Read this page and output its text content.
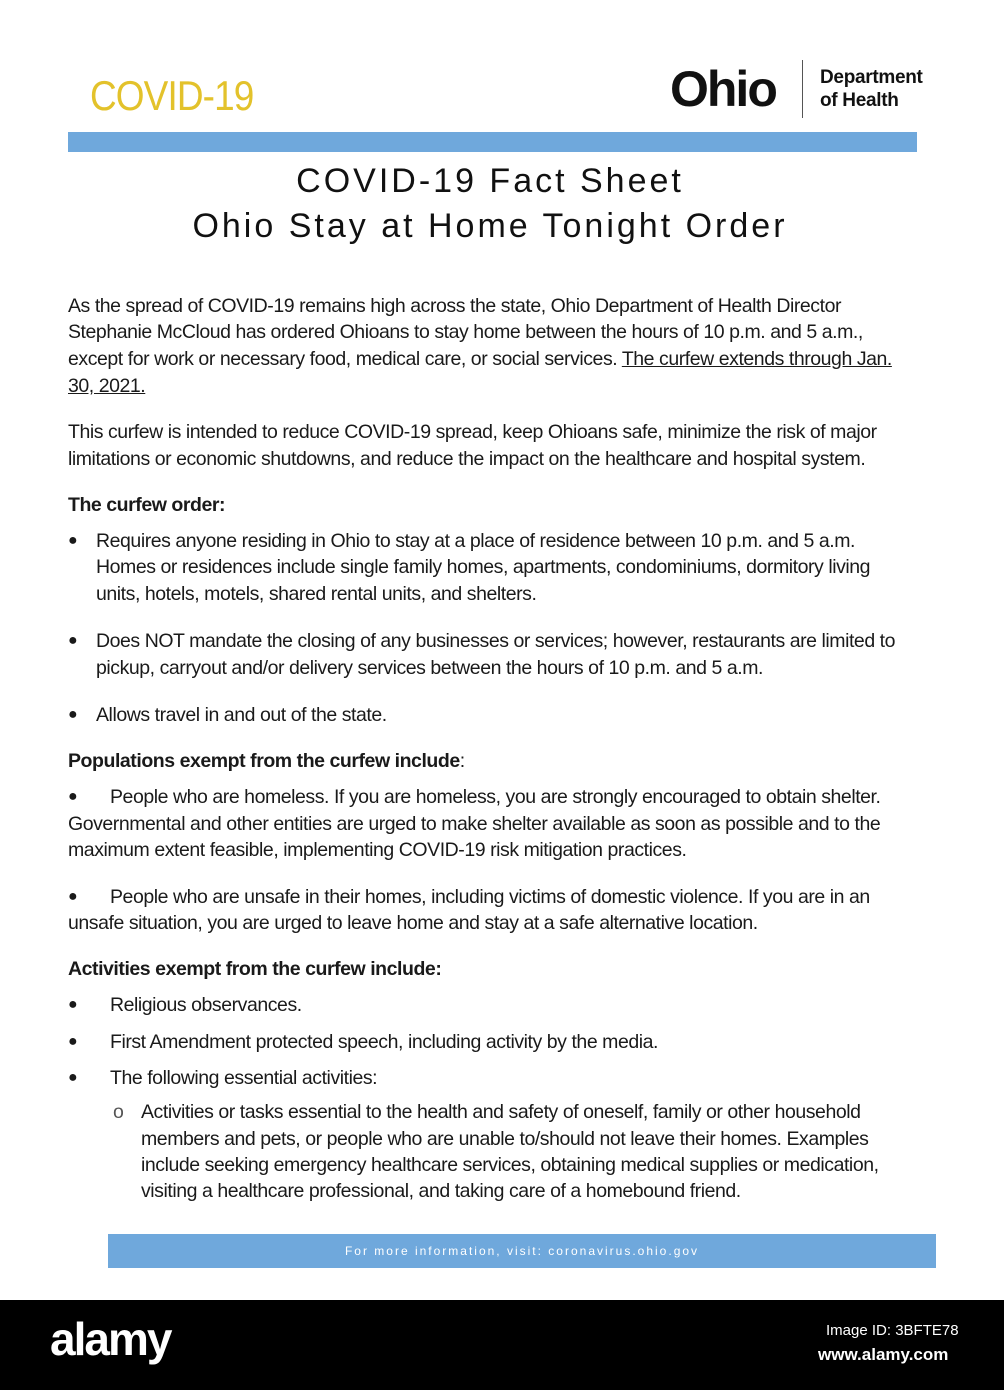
COVID-19	Ohio Department
of Health
COVID-19 Fact Sheet
Ohio Stay at Home Tonight Order
As the spread of COVID-19 remains high across the state, Ohio Department of Health Director
Stephanie McCloud has ordered Ohioans to stay home between the hours of 10 p.m. and 5 a.m.,
except for work or necessary food, medical care, or social services. The curfew extends through Jan.
30, 2021.
This curfew is intended to reduce COVID-19 spread, keep Ohioans safe, minimize the risk of major
limitations or economic shutdowns, and reduce the impact on the healthcare and hospital system.
The curfew order:
● Requires anyone residing in Ohio to stay at a place of residence between 10 p.m. and 5 a.m.
Homes or residences include single family homes, apartments, condominiums, dormitory living
units, hotels, motels, shared rental units, and shelters.
● Does NOT mandate the closing of any businesses or services; however, restaurants are limited to
pickup, carryout and/or delivery services between the hours of 10 p.m. and 5 a.m.
● Allows travel in and out of the state.
Populations exempt from the curfew include:
● People who are homeless. If you are homeless, you are strongly encouraged to obtain shelter.
Governmental and other entities are urged to make shelter available as soon as possible and to the
maximum extent feasible, implementing COVID-19 risk mitigation practices.
● People who are unsafe in their homes, including victims of domestic violence. If you are in an
unsafe situation, you are urged to leave home and stay at a safe alternative location.
Activities exempt from the curfew include:
● Religious observances.
● First Amendment protected speech, including activity by the media.
● The following essential activities:
o Activities or tasks essential to the health and safety of oneself, family or other household
members and pets, or people who are unable to/should not leave their homes. Examples
include seeking emergency healthcare services, obtaining medical supplies or medication,
visiting a healthcare professional, and taking care of a homebound friend.
For more information, visit: coronavirus.ohio.gov
alamy	Image ID: 3BFTE78
www.alamy.com
